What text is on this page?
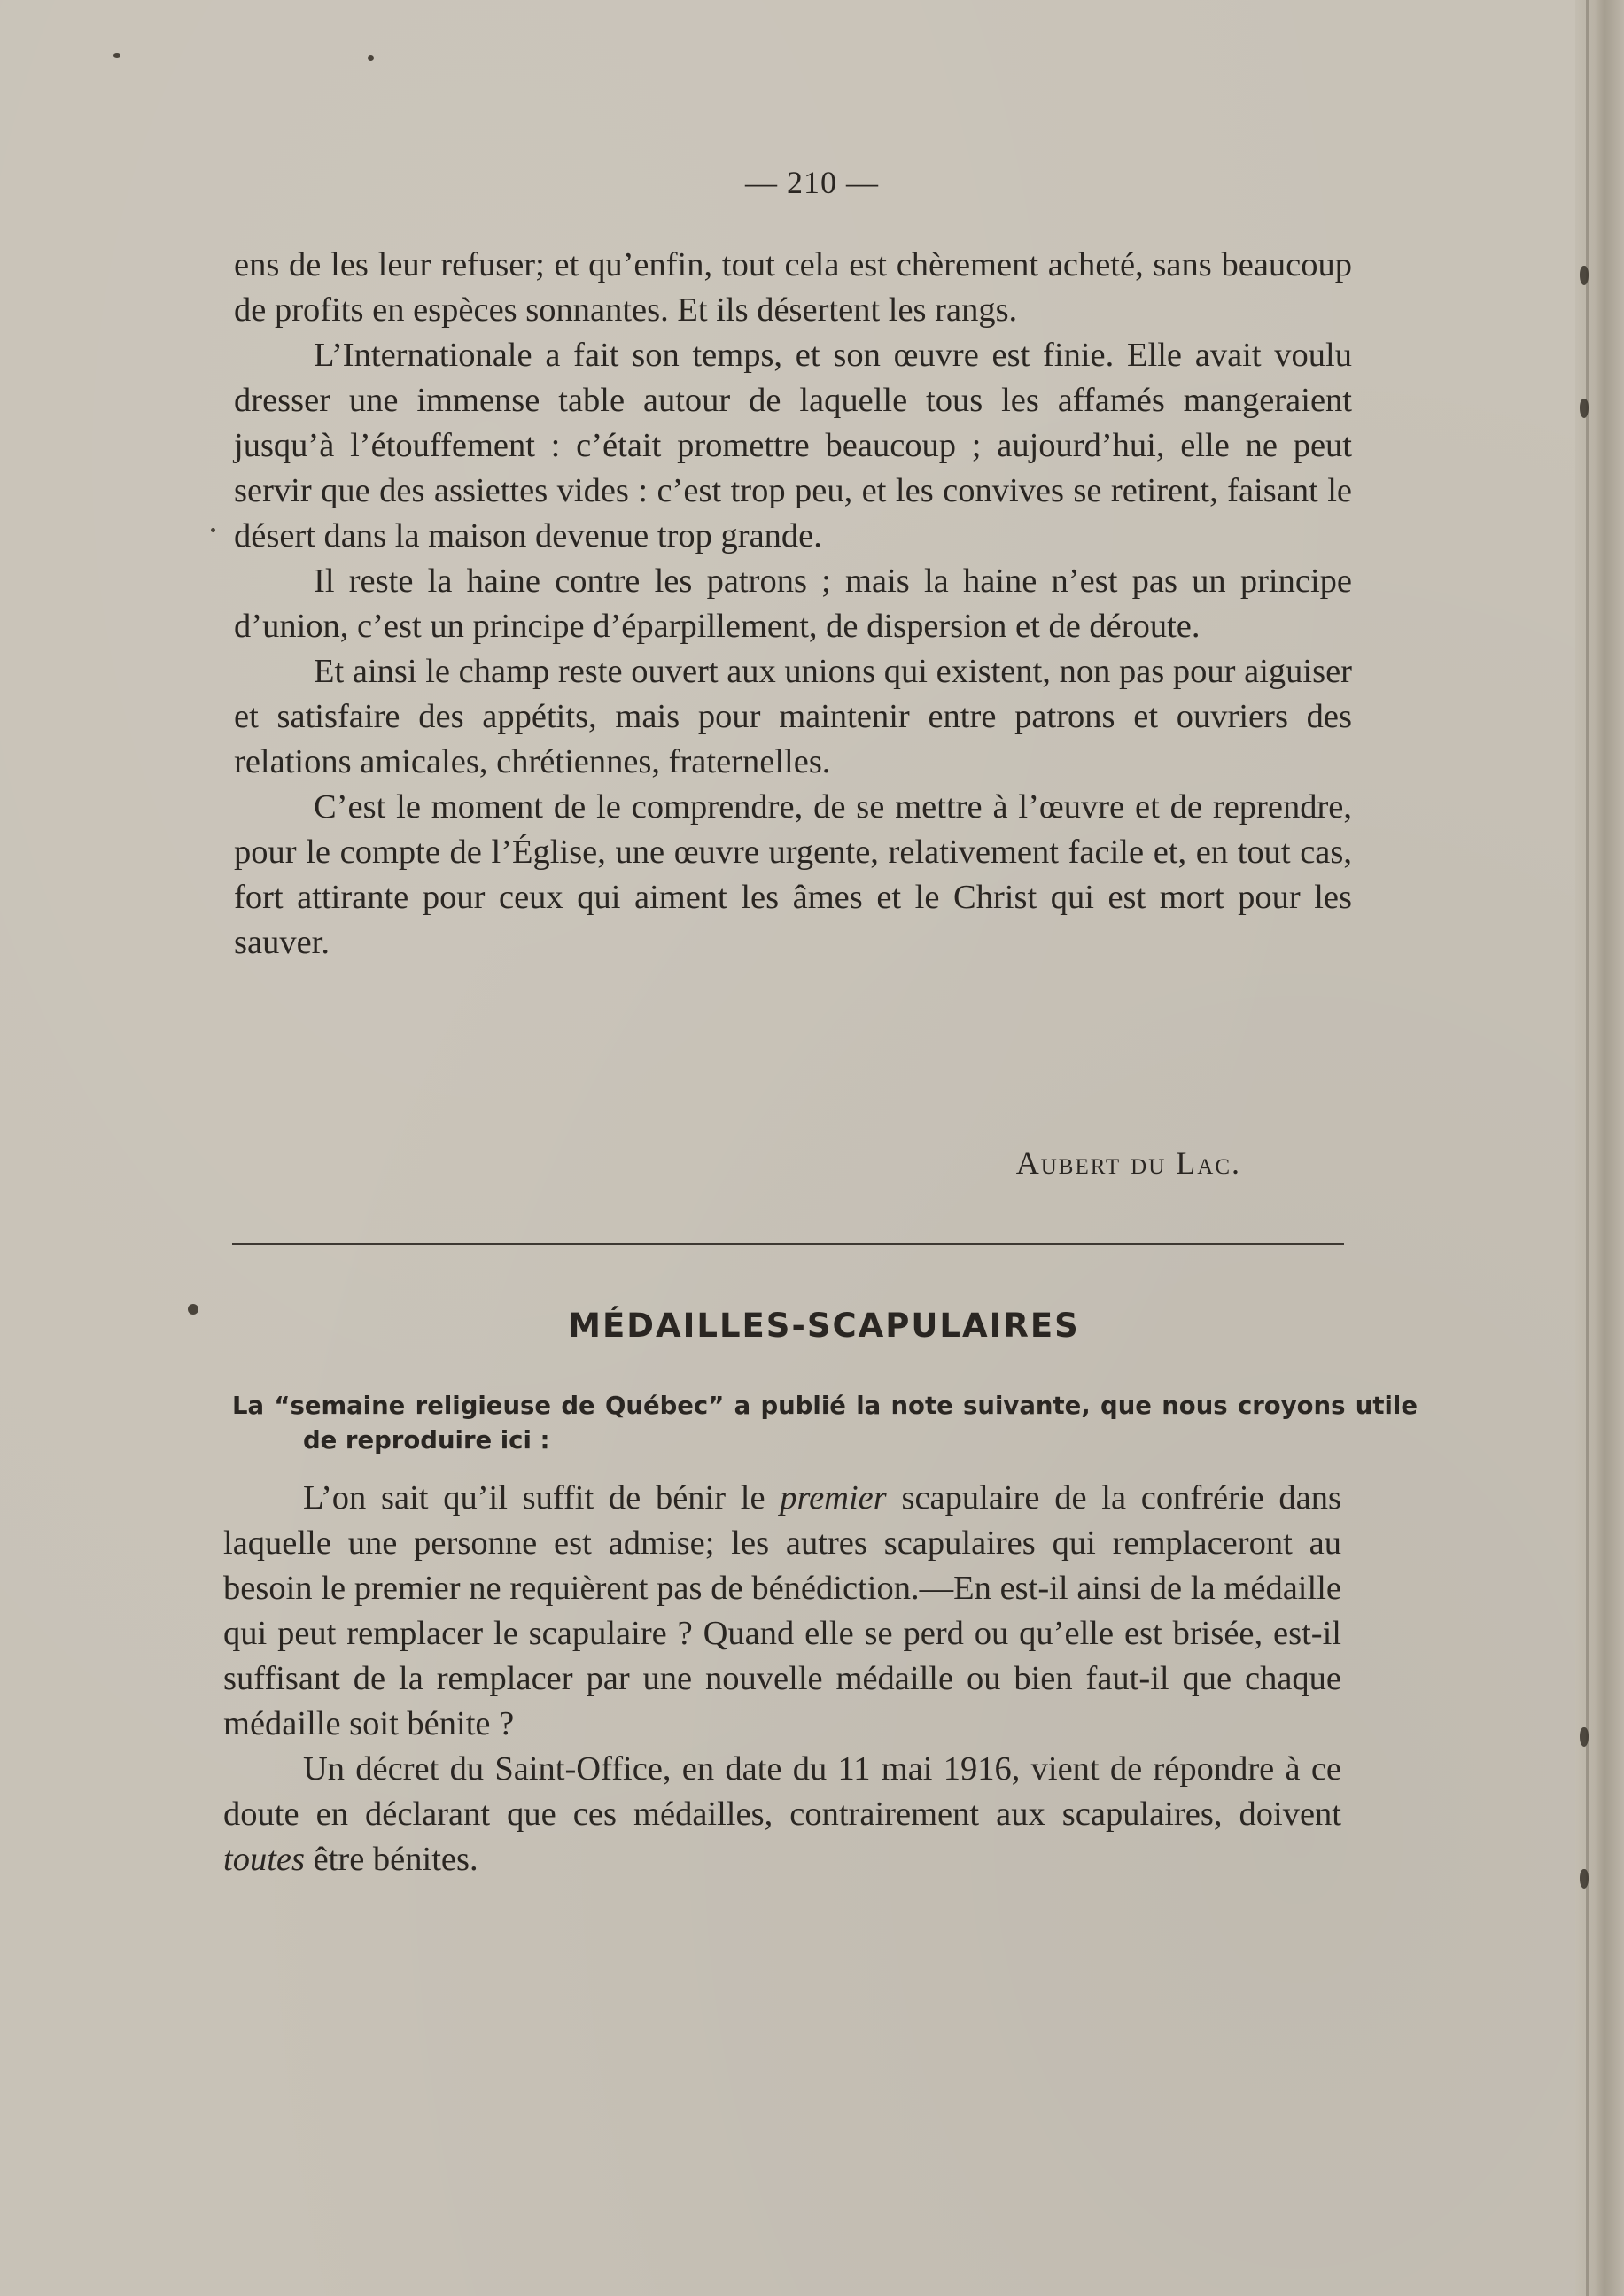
— 210 —

ens de les leur refuser; et qu’enfin, tout cela est chèrement acheté, sans beaucoup de profits en espèces sonnantes. Et ils désertent les rangs.

L’Internationale a fait son temps, et son œuvre est finie. Elle avait voulu dresser une immense table autour de laquelle tous les affamés mangeraient jusqu’à l’étouffement : c’était promettre beaucoup ; aujourd’hui, elle ne peut servir que des assiettes vides : c’est trop peu, et les convives se retirent, faisant le désert dans la maison devenue trop grande.

Il reste la haine contre les patrons ; mais la haine n’est pas un principe d’union, c’est un principe d’éparpillement, de dispersion et de déroute.

Et ainsi le champ reste ouvert aux unions qui existent, non pas pour aiguiser et satisfaire des appétits, mais pour maintenir entre patrons et ouvriers des relations amicales, chrétiennes, fraternelles.

C’est le moment de le comprendre, de se mettre à l’œuvre et de reprendre, pour le compte de l’Église, une œuvre urgente, relativement facile et, en tout cas, fort attirante pour ceux qui aiment les âmes et le Christ qui est mort pour les sauver.

Aubert du Lac.
MÉDAILLES-SCAPULAIRES
La “semaine religieuse de Québec” a publié la note suivante, que nous croyons utile de reproduire ici :

L’on sait qu’il suffit de bénir le premier scapulaire de la confrérie dans laquelle une personne est admise; les autres scapulaires qui remplaceront au besoin le premier ne requièrent pas de bénédiction.—En est-il ainsi de la médaille qui peut remplacer le scapulaire ? Quand elle se perd ou qu’elle est brisée, est-il suffisant de la remplacer par une nouvelle médaille ou bien faut-il que chaque médaille soit bénite ?

Un décret du Saint-Office, en date du 11 mai 1916, vient de répondre à ce doute en déclarant que ces médailles, contrairement aux scapulaires, doivent toutes être bénites.
